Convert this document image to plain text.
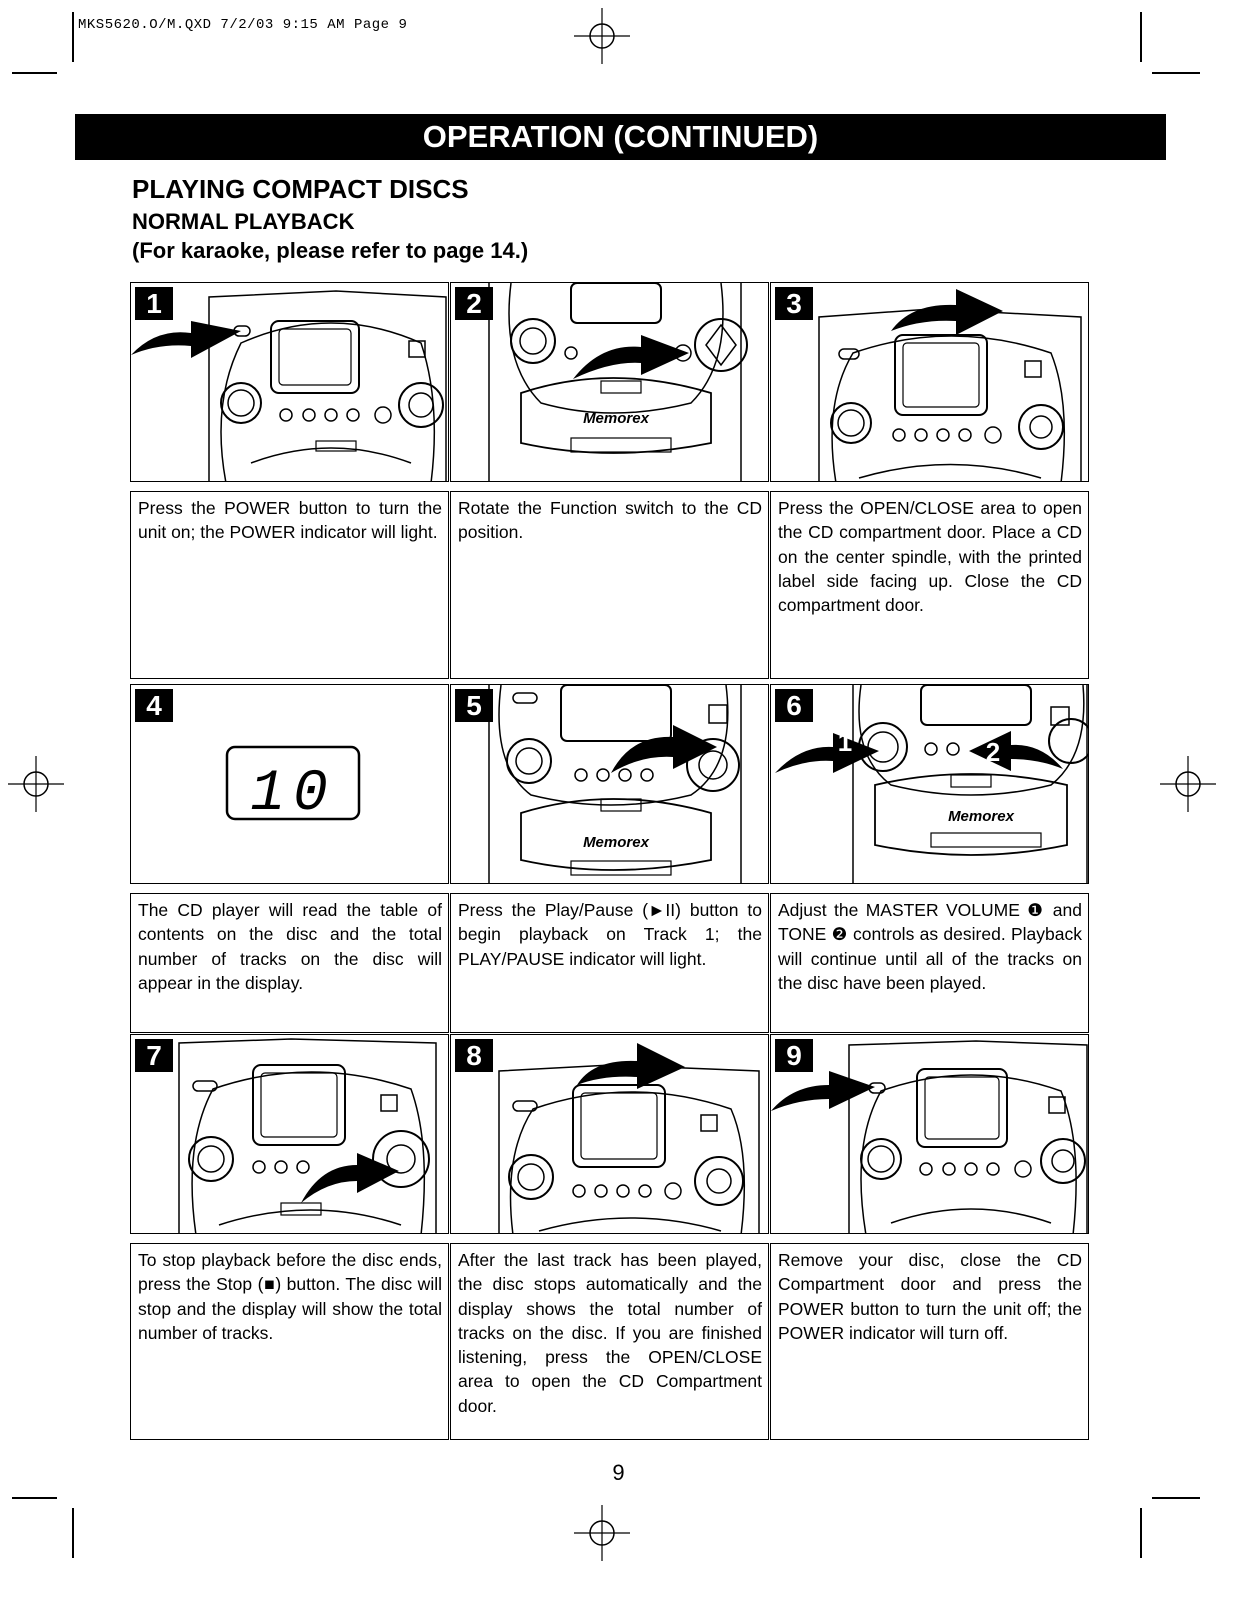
MKS5620.O/M.QXD 7/2/03 9:15 AM Page 9
OPERATION (CONTINUED)
PLAYING COMPACT DISCS
NORMAL PLAYBACK
(For karaoke, please refer to page 14.)
1
Press the POWER button to turn the unit on; the POWER indicator will light.
2
Memorex
Rotate the Function switch to the CD position.
3
Press the OPEN/CLOSE area to open the CD compartment door. Place a CD on the center spindle, with the printed label side facing up. Close the CD compartment door.
4
10
The CD player will read the table of contents on the disc and the total number of tracks on the disc will appear in the display.
5
Memorex
Press the Play/Pause (►II) button to begin playback on Track 1; the PLAY/PAUSE indicator will light.
6
Memorex
1	2
Adjust the MASTER VOLUME ❶ and TONE ❷ controls as desired. Playback will continue until all of the tracks on the disc have been played.
7
To stop playback before the disc ends, press the Stop (■) button. The disc will stop and the display will show the total number of tracks.
8
After the last track has been played, the disc stops automatically and the display shows the total number of tracks on the disc. If you are finished listening, press the OPEN/CLOSE area to open the CD Compartment door.
9
Remove your disc, close the CD Compartment door and press the POWER button to turn the unit off; the POWER indicator will turn off.
9
